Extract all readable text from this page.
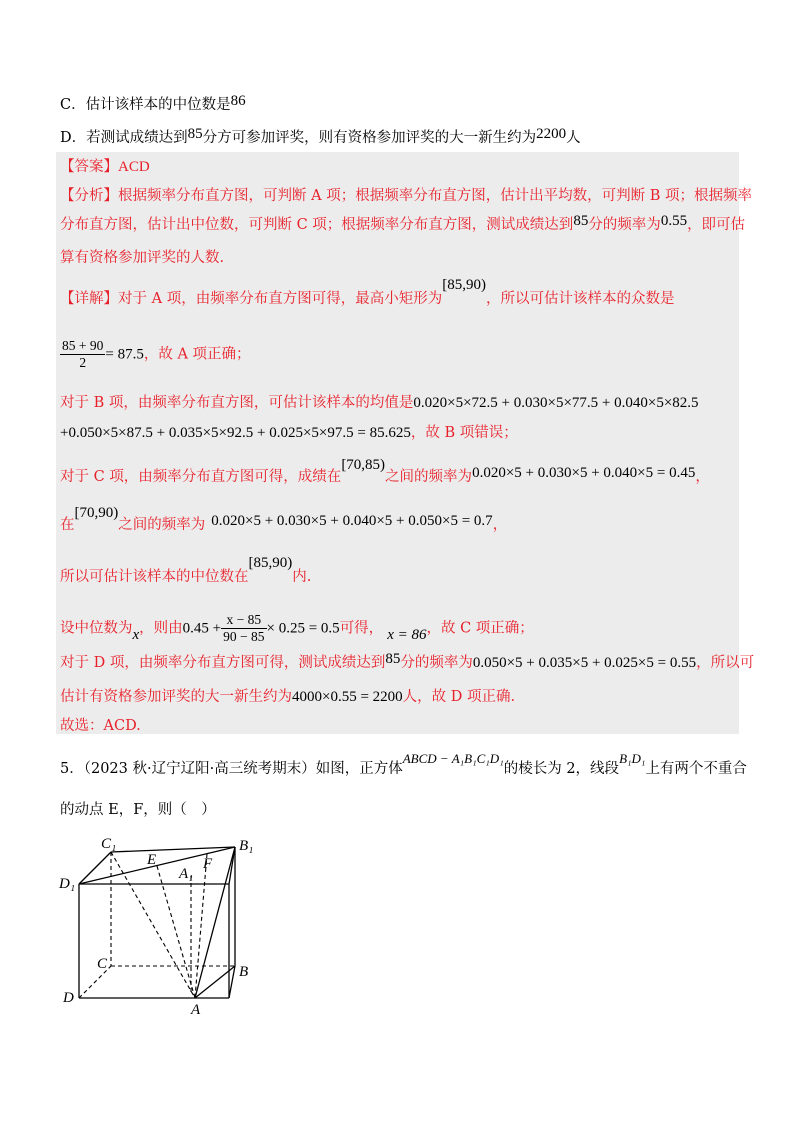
C．估计该样本的中位数是86
D．若测试成绩达到85分方可参加评奖，则有资格参加评奖的大一新生约为2200人
【答案】ACD
【分析】根据频率分布直方图，可判断 A 项；根据频率分布直方图，估计出平均数，可判断 B 项；根据频率
分布直方图，估计出中位数，可判断 C 项；根据频率分布直方图，测试成绩达到85分的频率为0.55，即可估
算有资格参加评奖的人数.
【详解】对于 A 项，由频率分布直方图可得，最高小矩形为[85,90)，所以可估计该样本的众数是
$\frac{85 + 90}{2} = 87.5$，故 A 项正确；
对于 B 项，由频率分布直方图，可估计该样本的均值是0.020×5×72.5 + 0.030×5×77.5 + 0.040×5×82.5
+0.050×5×87.5 + 0.035×5×92.5 + 0.025×5×97.5 = 85.625，故 B 项错误；
对于 C 项，由频率分布直方图可得，成绩在[70,85)之间的频率为0.020×5 + 0.030×5 + 0.040×5 = 0.45，
在[70,90)之间的频率为 0.020×5 + 0.030×5 + 0.040×5 + 0.050×5 = 0.7，
所以可估计该样本的中位数在[85,90)内.
设中位数为x，则由$0.45 + \frac{x - 85}{90 - 85} \times 0.25 = 0.5$可得， x = 86，故 C 项正确；
对于 D 项，由频率分布直方图可得，测试成绩达到85分的频率为0.050×5 + 0.035×5 + 0.025×5 = 0.55，所以可
估计有资格参加评奖的大一新生约为4000×0.55 = 2200人，故 D 项正确.
故选：ACD.
5．（2023 秋·辽宁辽阳·高三统考期末）如图，正方体ABCD − A₁B₁C₁D₁的棱长为 2，线段B₁D₁上有两个不重合
的动点 E，F，则（　）
C₁	B₁
D₁
E
A₁
F
C	B
D
A
